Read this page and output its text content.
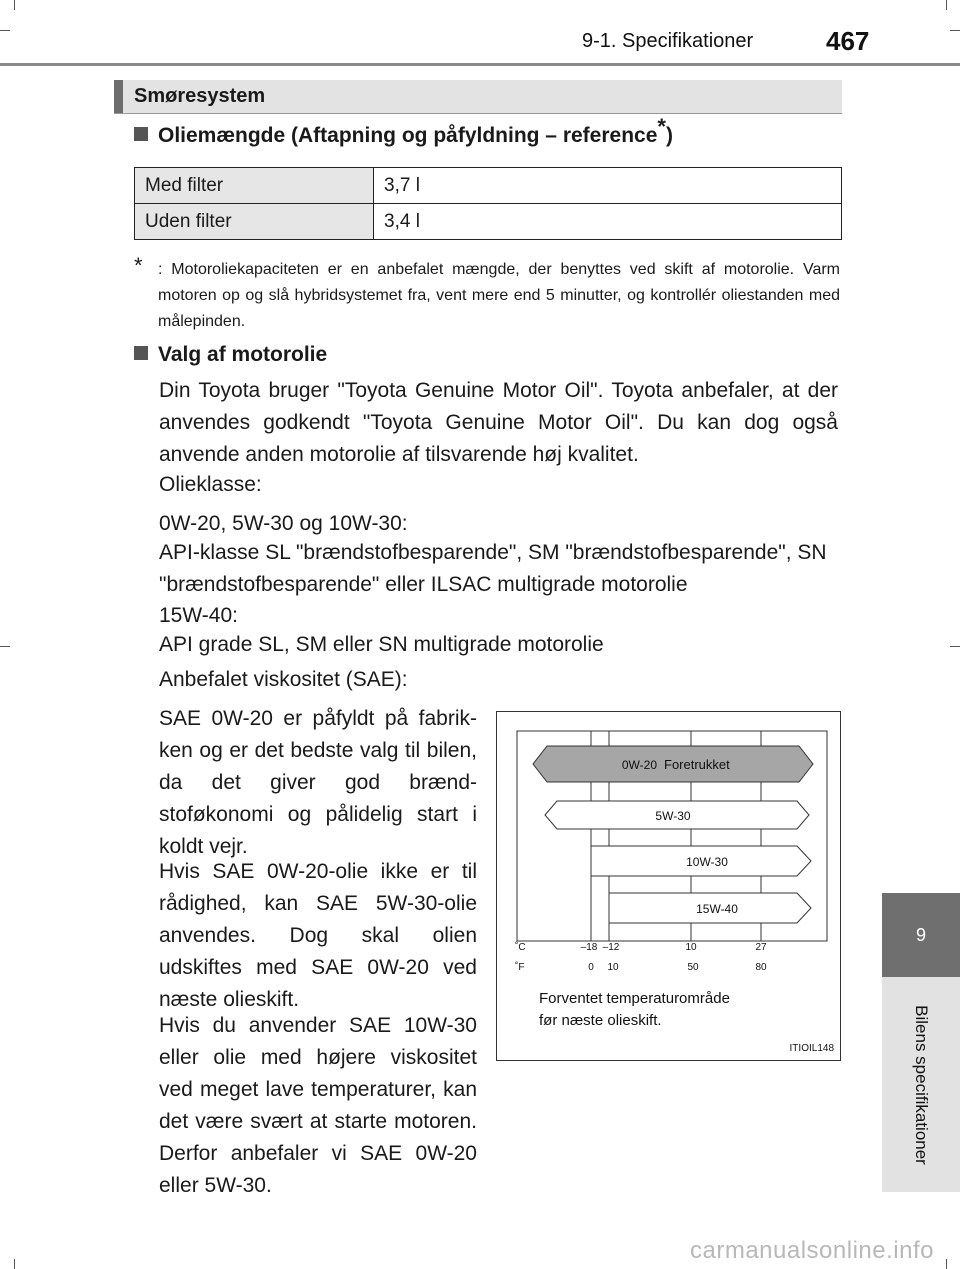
9-1. Specifikationer	467
9
Bilens specifikationer
Smøresystem
Oliemængde (Aftapning og påfyldning – reference*)
Med filter	3,7 l
Uden filter	3,4 l
* : Motoroliekapaciteten er en anbefalet mængde, der benyttes ved skift af motorolie. Varm motoren op og slå hybridsystemet fra, vent mere end 5 minutter, og kontrollér oliestanden med målepinden.
Valg af motorolie
Din Toyota bruger "Toyota Genuine Motor Oil". Toyota anbefaler, at der anvendes godkendt "Toyota Genuine Motor Oil". Du kan dog også anvende anden motorolie af tilsvarende høj kvalitet.
Olieklasse:
0W-20, 5W-30 og 10W-30:
API-klasse SL "brændstofbesparende", SM "brændstofbesparende", SN "brændstofbesparende" eller ILSAC multigrade motorolie
15W-40:
API grade SL, SM eller SN multigrade motorolie
Anbefalet viskositet (SAE):
SAE 0W-20 er påfyldt på fabrik-ken og er det bedste valg til bilen, da det giver god brænd-stoføkonomi og pålidelig start i koldt vejr.
Hvis SAE 0W-20-olie ikke er til rådighed, kan SAE 5W-30-olie anvendes. Dog skal olien udskiftes med SAE 0W-20 ved næste olieskift.
Hvis du anvender SAE 10W-30 eller olie med højere viskositet ved meget lave temperaturer, kan det være svært at starte motoren. Derfor anbefaler vi SAE 0W-20 eller 5W-30.
0W-20 Foretrukket
5W-30
10W-30
15W-40
˚C
˚F
–18 –12	10	27
0 10	50	80
Forventet temperaturområde
før næste olieskift.
ITIOIL148
carmanualsonline.info
